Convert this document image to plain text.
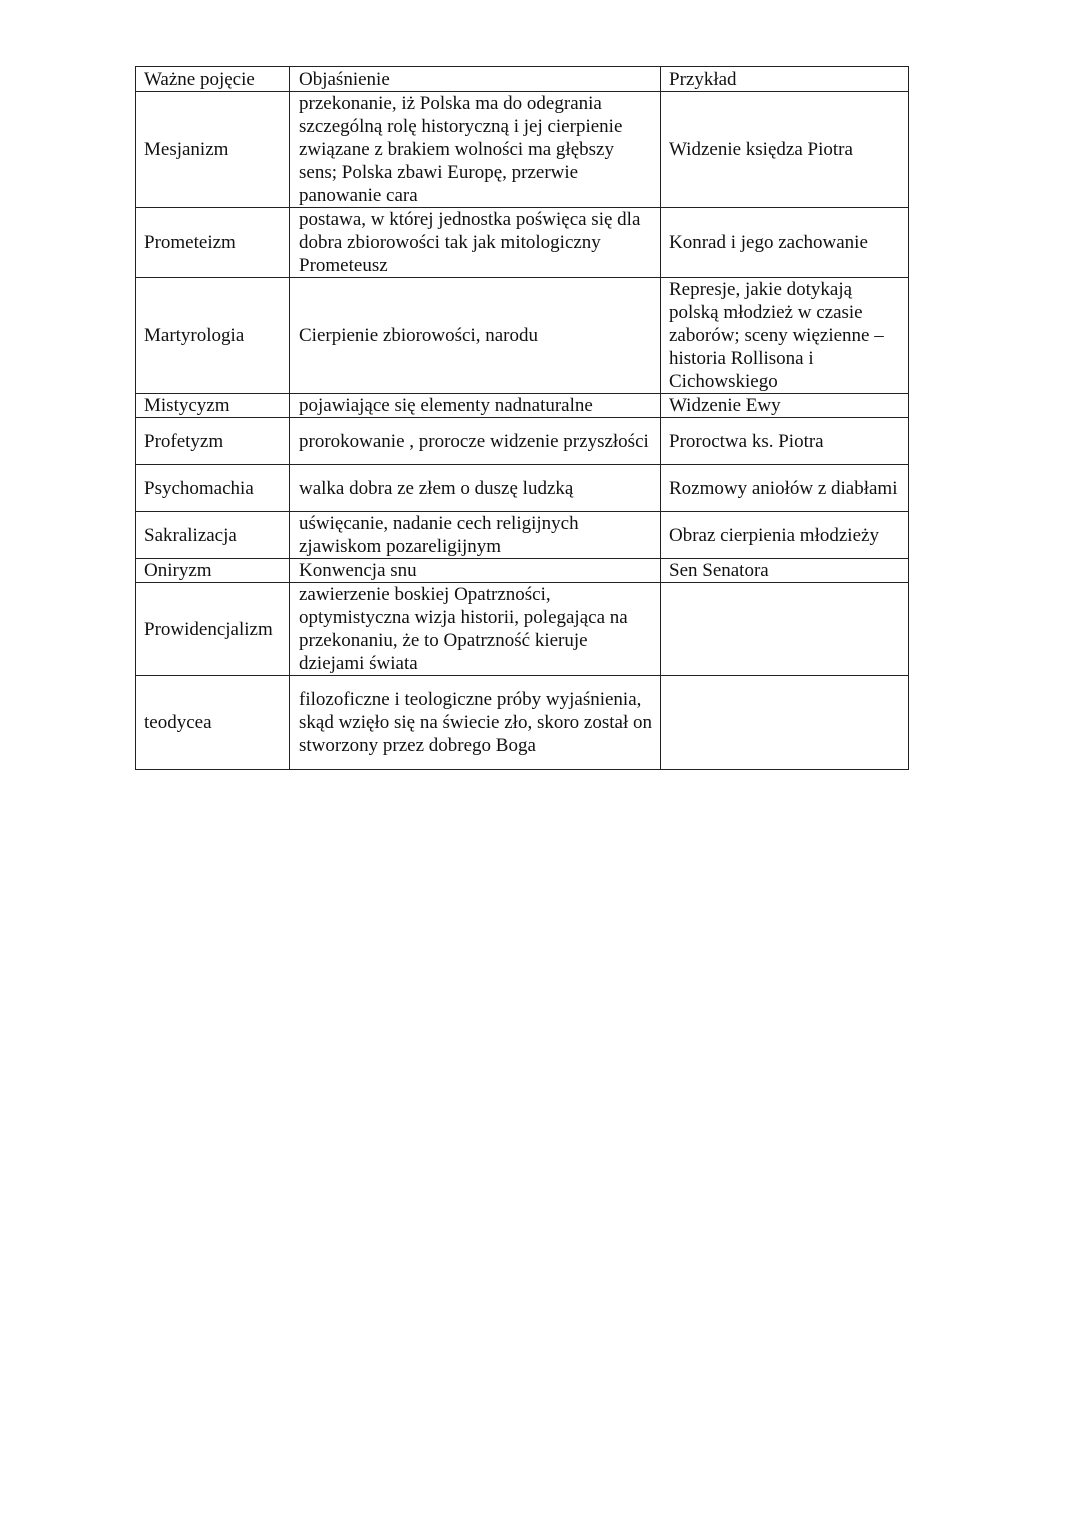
Ważne pojęcie	Objaśnienie	Przykład
Mesjanizm	przekonanie, iż Polska ma do odegrania szczególną rolę historyczną i jej cierpienie związane z brakiem wolności ma głębszy sens; Polska zbawi Europę, przerwie panowanie cara	Widzenie księdza Piotra
Prometeizm	postawa, w której jednostka poświęca się dla dobra zbiorowości tak jak mitologiczny Prometeusz	Konrad i jego zachowanie
Martyrologia	Cierpienie zbiorowości, narodu	Represje, jakie dotykają polską młodzież w czasie zaborów; sceny więzienne – historia Rollisona i Cichowskiego
Mistycyzm	pojawiające się elementy nadnaturalne	Widzenie Ewy
Profetyzm	prorokowanie , prorocze widzenie przyszłości	Proroctwa ks. Piotra
Psychomachia	walka dobra ze złem o duszę ludzką	Rozmowy aniołów z diabłami
Sakralizacja	uświęcanie, nadanie cech religijnych zjawiskom pozareligijnym	Obraz cierpienia młodzieży
Oniryzm	Konwencja snu	Sen Senatora
Prowidencjalizm	zawierzenie boskiej Opatrzności, optymistyczna wizja historii, polegająca na przekonaniu, że to Opatrzność kieruje dziejami świata	
teodycea	filozoficzne i teologiczne próby wyjaśnienia, skąd wzięło się na świecie zło, skoro został on stworzony przez dobrego Boga	
